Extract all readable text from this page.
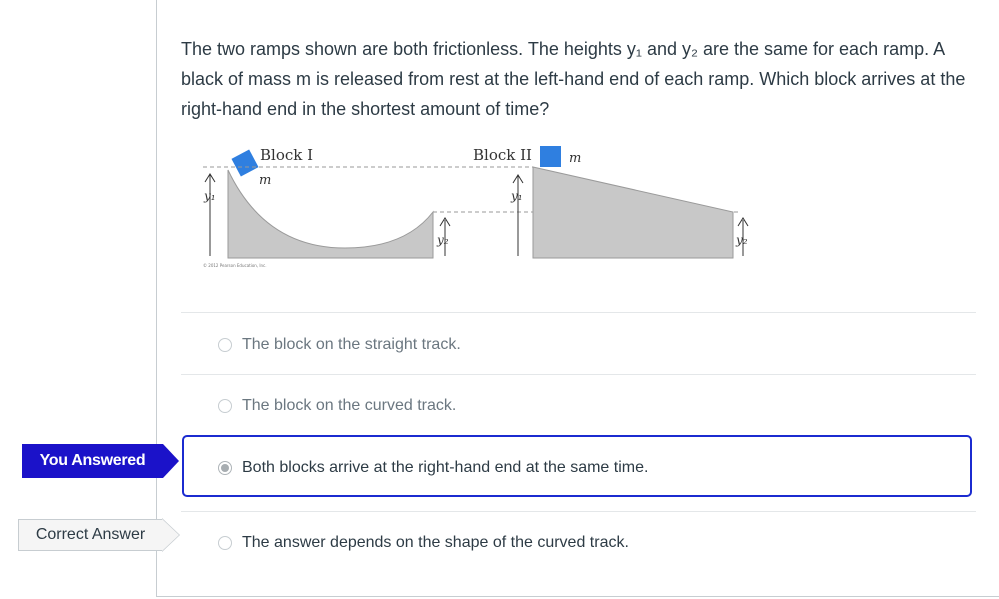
The two ramps shown are both frictionless. The heights y₁ and y₂ are the same for each ramp. A black of mass m is released from rest at the left-hand end of each ramp. Which block arrives at the right-hand end in the shortest amount of time?
Block I
m
y₁
y₂
© 2012 Pearson Education, Inc.
Block II	m
y₁
y₂
The block on the straight track.
The block on the curved track.
Both blocks arrive at the right-hand end at the same time.
The answer depends on the shape of the curved track.
You Answered
Correct Answer
